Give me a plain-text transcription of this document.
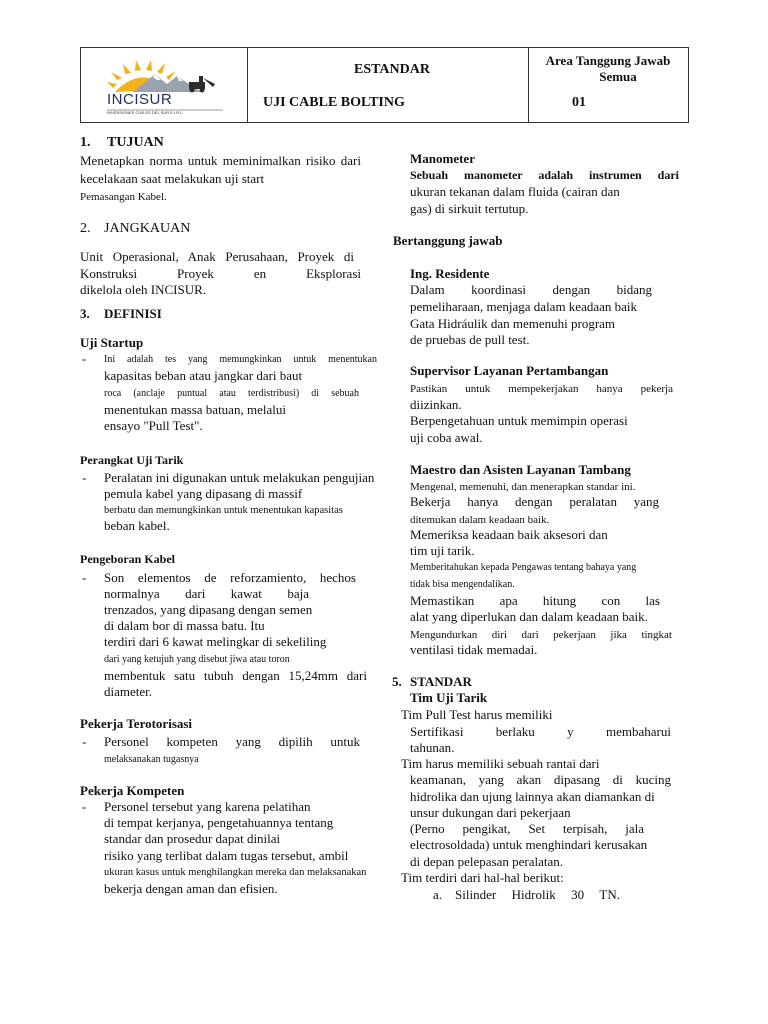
INCISUR
INVERSIONES CIVILES DEL SUR E.I.R.L.
ESTANDAR
UJI CABLE BOLTING
Area Tanggung Jawab
Semua
01
1. TUJUAN
Menetapkan norma untuk meminimalkan risiko dari
kecelakaan saat melakukan uji start
Pemasangan Kabel.
2. JANGKAUAN
Unit Operasional, Anak Perusahaan, Proyek di
Konstruksi Proyek en Eksplorasi
dikelola oleh INCISUR.
3. DEFINISI
Uji Startup
- Ini adalah tes yang memungkinkan untuk menentukan
kapasitas beban atau jangkar dari baut
roca (anclaje puntual atau terdistribusi) di sebuah
menentukan massa batuan, melalui
ensayo "Pull Test".
Perangkat Uji Tarik
- Peralatan ini digunakan untuk melakukan pengujian
pemula kabel yang dipasang di massif
berbatu dan memungkinkan untuk menentukan kapasitas
beban kabel.
Pengeboran Kabel
- Son elementos de reforzamiento, hechos
normalnya dari kawat baja
trenzados, yang dipasang dengan semen
di dalam bor di massa batu. Itu
terdiri dari 6 kawat melingkar di sekeliling
dari yang ketujuh yang disebut jiwa atau toron
membentuk satu tubuh dengan 15,24mm dari
diameter.
Pekerja Terotorisasi
- Personel kompeten yang dipilih untuk
melaksanakan tugasnya
Pekerja Kompeten
- Personel tersebut yang karena pelatihan
di tempat kerjanya, pengetahuannya tentang
standar dan prosedur dapat dinilai
risiko yang terlibat dalam tugas tersebut, ambil
ukuran kasus untuk menghilangkan mereka dan melaksanakan
bekerja dengan aman dan efisien.
Manometer
Sebuah manometer adalah instrumen dari
ukuran tekanan dalam fluida (cairan dan
gas) di sirkuit tertutup.
Bertanggung jawab
Ing. Residente
Dalam koordinasi dengan bidang
pemeliharaan, menjaga dalam keadaan baik
Gata Hidráulik dan memenuhi program
de pruebas de pull test.
Supervisor Layanan Pertambangan
Pastikan untuk mempekerjakan hanya pekerja
diizinkan.
Berpengetahuan untuk memimpin operasi
uji coba awal.
Maestro dan Asisten Layanan Tambang
Mengenal, memenuhi, dan menerapkan standar ini.
Bekerja hanya dengan peralatan yang
ditemukan dalam keadaan baik.
Memeriksa keadaan baik aksesori dan
tim uji tarik.
Memberitahukan kepada Pengawas tentang bahaya yang
tidak bisa mengendalikan.
Memastikan apa hitung con las
alat yang diperlukan dan dalam keadaan baik.
Mengundurkan diri dari pekerjaan jika tingkat
ventilasi tidak memadai.
5. STANDAR
Tim Uji Tarik
Tim Pull Test harus memiliki
Sertifikasi berlaku y membaharui
tahunan.
Tim harus memiliki sebuah rantai dari
keamanan, yang akan dipasang di kucing
hidrolika dan ujung lainnya akan diamankan di
unsur dukungan dari pekerjaan
(Perno pengikat, Set terpisah, jala
electrosoldada) untuk menghindari kerusakan
di depan pelepasan peralatan.
Tim terdiri dari hal-hal berikut:
a. Silinder Hidrolik 30 TN.
